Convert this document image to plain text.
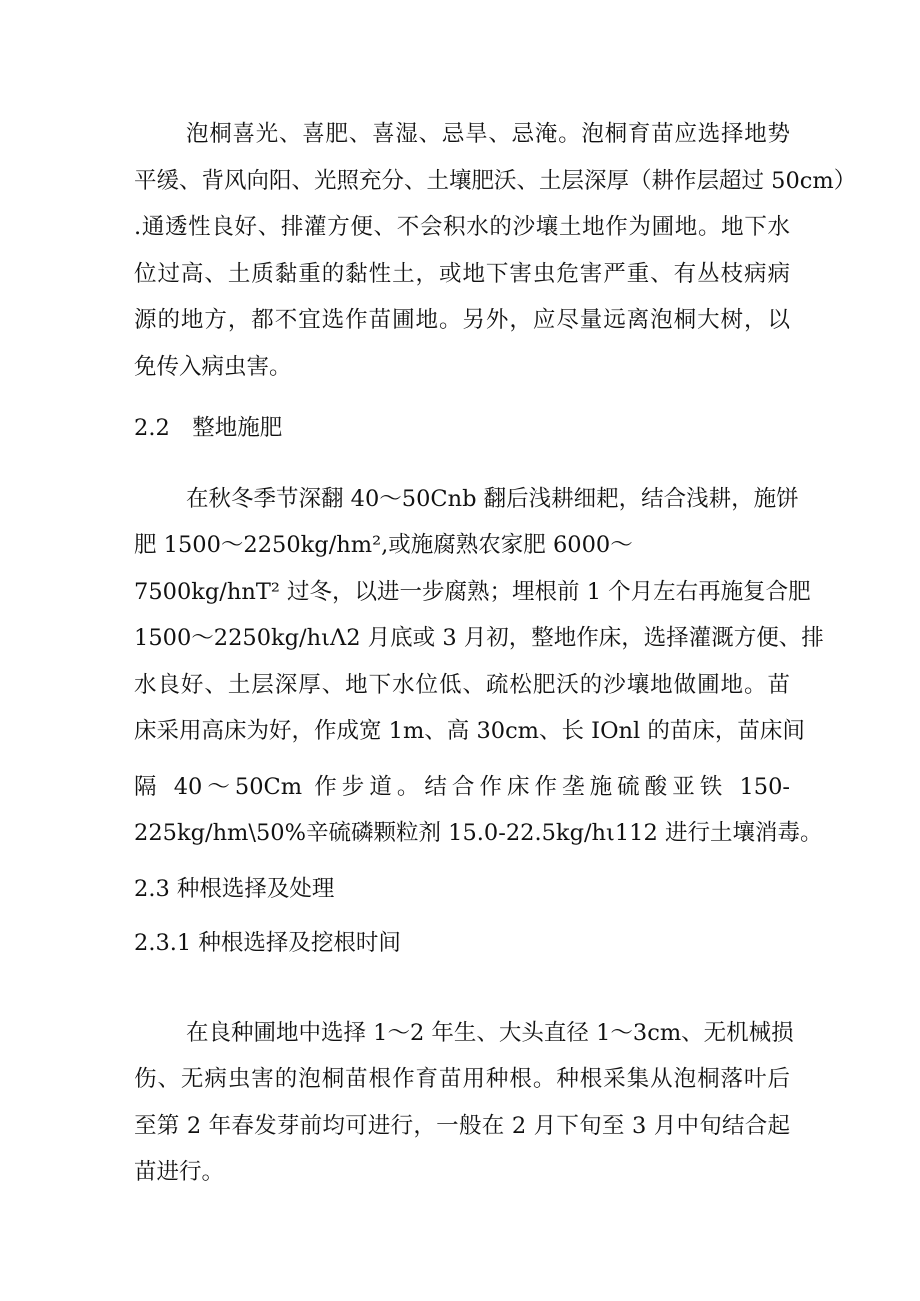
泡桐喜光、喜肥、喜湿、忌旱、忌淹。泡桐育苗应选择地势
平缓、背风向阳、光照充分、土壤肥沃、土层深厚（耕作层超过 50cm）
.通透性良好、排灌方便、不会积水的沙壤土地作为圃地。地下水
位过高、土质黏重的黏性土，或地下害虫危害严重、有丛枝病病
源的地方，都不宜选作苗圃地。另外，应尽量远离泡桐大树，以
免传入病虫害。
2.2　整地施肥
在秋冬季节深翻 40～50Cnb 翻后浅耕细耙，结合浅耕，施饼
肥 1500～2250kg∕hm²,或施腐熟农家肥 6000～
7500kg/hnT² 过冬，以进一步腐熟；埋根前 1 个月左右再施复合肥
1500～2250kg∕hιΛ2 月底或 3 月初，整地作床，选择灌溉方便、排
水良好、土层深厚、地下水位低、疏松肥沃的沙壤地做圃地。苗
床采用高床为好，作成宽 1m、高 30cm、长 IOnl 的苗床，苗床间
隔 40～50Cm 作步道。结合作床作垄施硫酸亚铁 150-
225kg∕hm\50%辛硫磷颗粒剂 15.0-22.5kg∕hι112 进行土壤消毒。
2.3 种根选择及处理
2.3.1 种根选择及挖根时间
在良种圃地中选择 1～2 年生、大头直径 1～3cm、无机械损
伤、无病虫害的泡桐苗根作育苗用种根。种根采集从泡桐落叶后
至第 2 年春发芽前均可进行，一般在 2 月下旬至 3 月中旬结合起
苗进行。
